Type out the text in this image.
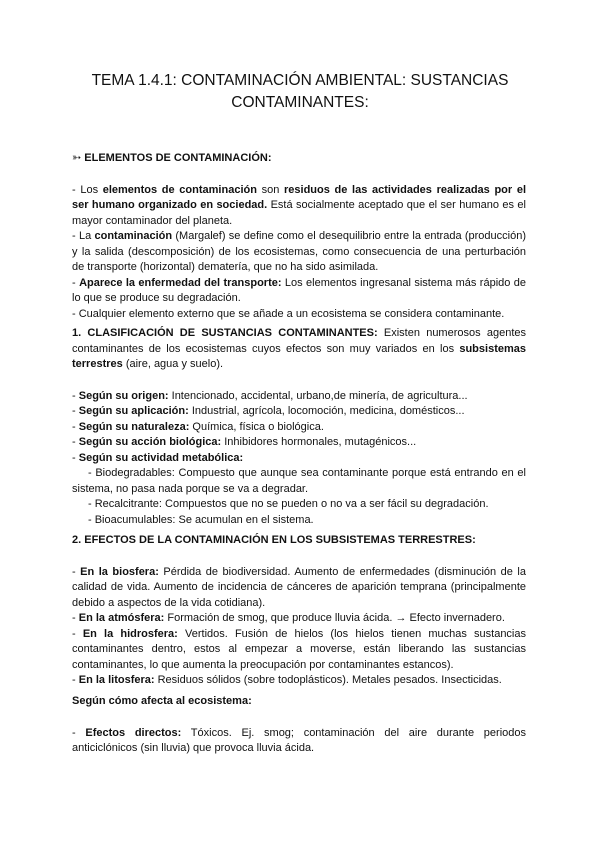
TEMA 1.4.1: CONTAMINACIÓN AMBIENTAL: SUSTANCIAS
CONTAMINANTES:

➳ ELEMENTOS DE CONTAMINACIÓN:

- Los elementos de contaminación son residuos de las actividades realizadas por el ser humano organizado en sociedad. Está socialmente aceptado que el ser humano es el mayor contaminador del planeta.

- La contaminación (Margalef) se define como el desequilibrio entre la entrada (producción) y la salida (descomposición) de los ecosistemas, como consecuencia de una perturbación de transporte (horizontal) dematería, que no ha sido asimilada.

- Aparece la enfermedad del transporte: Los elementos ingresanal sistema más rápido de lo que se produce su degradación.

- Cualquier elemento externo que se añade a un ecosistema se considera contaminante.

1. CLASIFICACIÓN DE SUSTANCIAS CONTAMINANTES: Existen numerosos agentes contaminantes de los ecosistemas cuyos efectos son muy variados en los subsistemas terrestres (aire, agua y suelo).

- Según su origen: Intencionado, accidental, urbano,de minería, de agricultura...

- Según su aplicación: Industrial, agrícola, locomoción, medicina, domésticos...

- Según su naturaleza: Química, física o biológica.

- Según su acción biológica: Inhibidores hormonales, mutagénicos...

- Según su actividad metabólica:

- Biodegradables: Compuesto que aunque sea contaminante porque está entrando en el sistema, no pasa nada porque se va a degradar.

- Recalcitrante: Compuestos que no se pueden o no va a ser fácil su degradación.

- Bioacumulables: Se acumulan en el sistema.

2. EFECTOS DE LA CONTAMINACIÓN EN LOS SUBSISTEMAS TERRESTRES:

- En la biosfera: Pérdida de biodiversidad. Aumento de enfermedades (disminución de la calidad de vida. Aumento de incidencia de cánceres de aparición temprana (principalmente debido a aspectos de la vida cotidiana).

- En la atmósfera: Formación de smog, que produce lluvia ácida. → Efecto invernadero.

- En la hidrosfera: Vertidos. Fusión de hielos (los hielos tienen muchas sustancias contaminantes dentro, estos al empezar a moverse, están liberando las sustancias contaminantes, lo que aumenta la preocupación por contaminantes estancos).

- En la litosfera: Residuos sólidos (sobre todoplásticos). Metales pesados. Insecticidas.

Según cómo afecta al ecosistema:

- Efectos directos: Tóxicos. Ej. smog; contaminación del aire durante periodos anticiclónicos (sin lluvia) que provoca lluvia ácida.
